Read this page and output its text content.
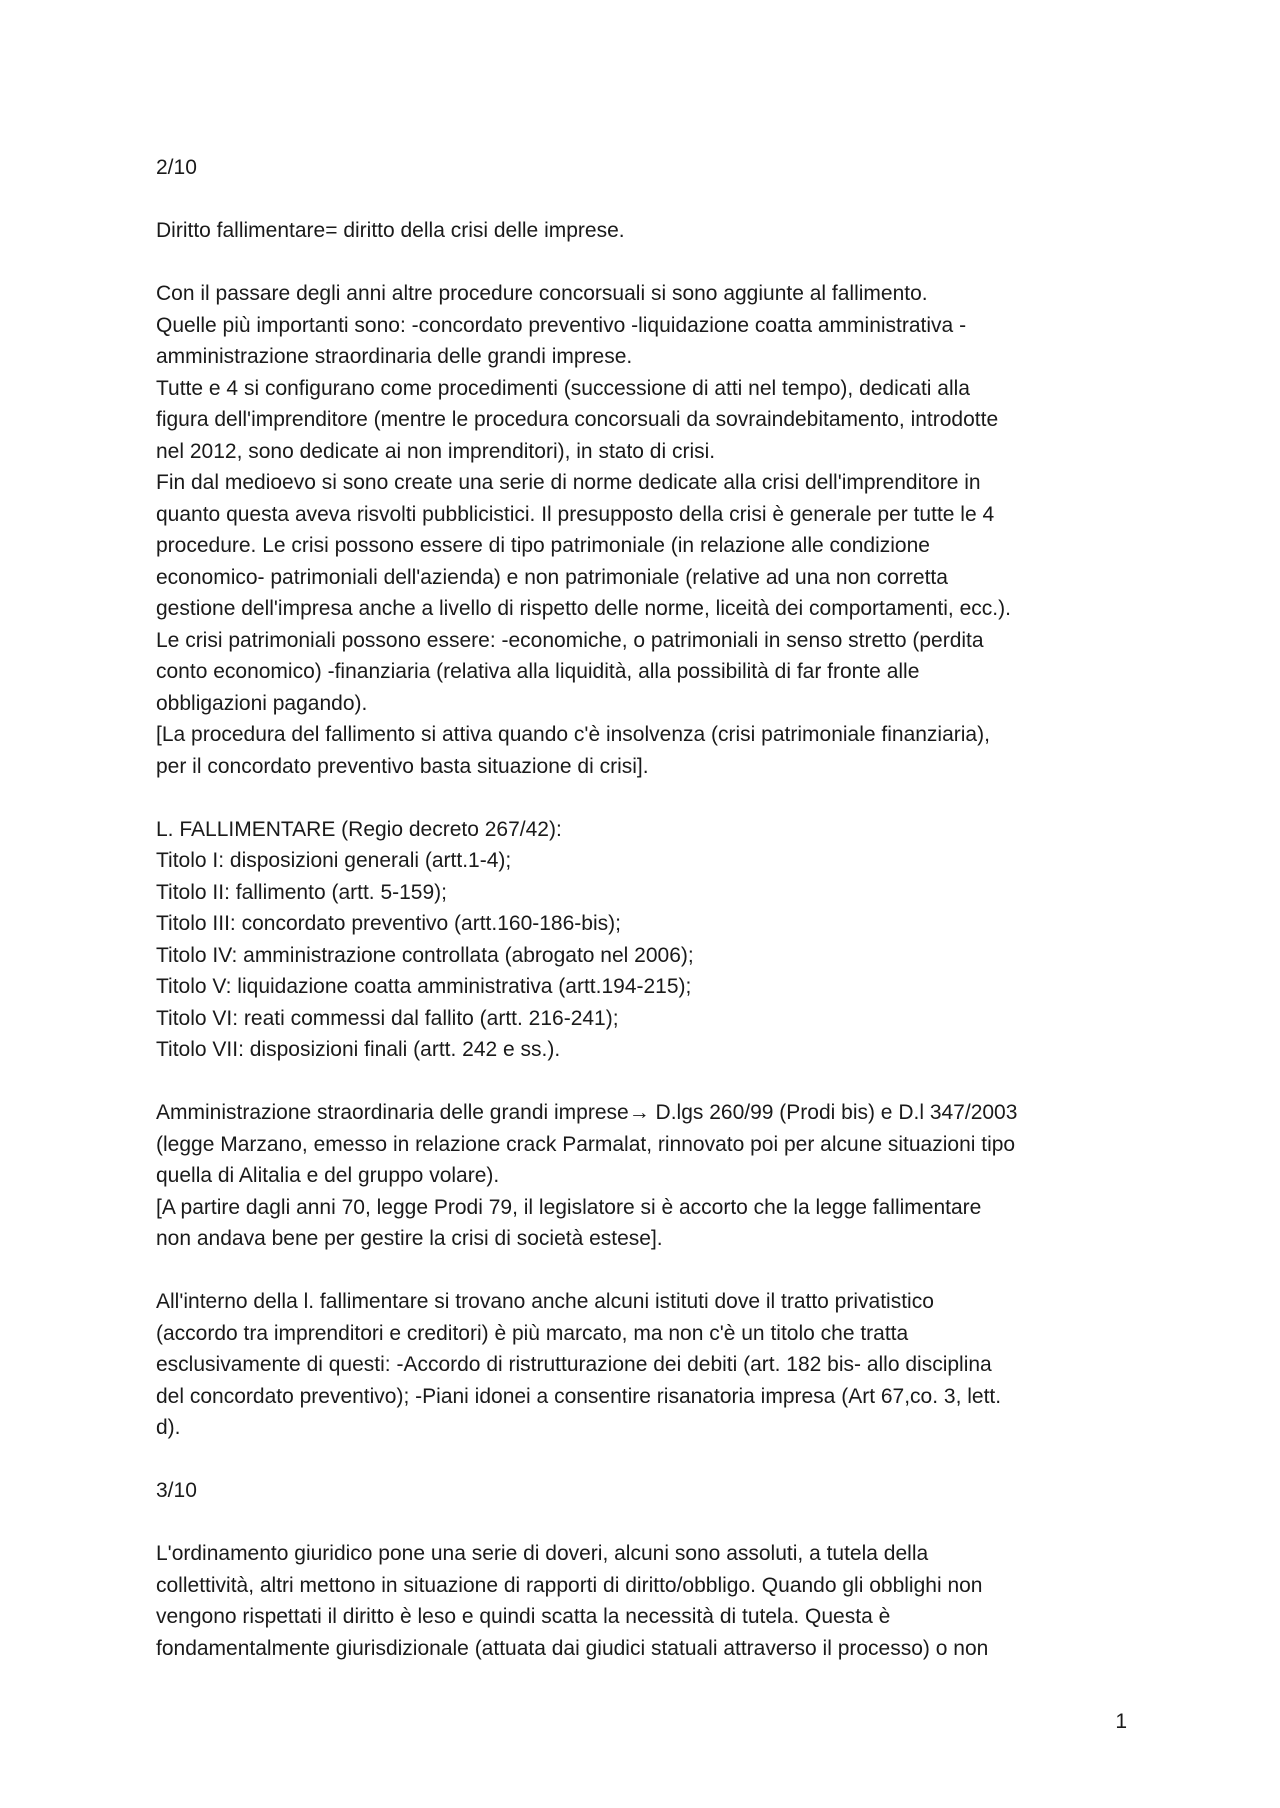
2/10
Diritto fallimentare= diritto della crisi delle imprese.
Con il passare degli anni altre procedure concorsuali si sono aggiunte al fallimento.
Quelle più importanti sono: -concordato preventivo -liquidazione coatta amministrativa -
amministrazione straordinaria delle grandi imprese.
Tutte e 4 si configurano come procedimenti (successione di atti nel tempo), dedicati alla
figura dell'imprenditore (mentre le procedura concorsuali da sovraindebitamento, introdotte
nel 2012, sono dedicate ai non imprenditori), in stato di crisi.
Fin dal medioevo si sono create una serie di norme dedicate alla crisi dell'imprenditore in
quanto questa aveva risvolti pubblicistici. Il presupposto della crisi è generale per tutte le 4
procedure. Le crisi possono essere di tipo patrimoniale (in relazione alle condizione
economico- patrimoniali dell'azienda) e non patrimoniale (relative ad una non corretta
gestione dell'impresa anche a livello di rispetto delle norme, liceità dei comportamenti, ecc.).
Le crisi patrimoniali possono essere: -economiche, o patrimoniali in senso stretto (perdita
conto economico) -finanziaria (relativa alla liquidità, alla possibilità di far fronte alle
obbligazioni pagando).
[La procedura del fallimento si attiva quando c'è insolvenza (crisi patrimoniale finanziaria),
per il concordato preventivo basta situazione di crisi].
L. FALLIMENTARE (Regio decreto 267/42):
Titolo I: disposizioni generali (artt.1-4);
Titolo II: fallimento (artt. 5-159);
Titolo III: concordato preventivo (artt.160-186-bis);
Titolo IV: amministrazione controllata (abrogato nel 2006);
Titolo V: liquidazione coatta amministrativa (artt.194-215);
Titolo VI: reati commessi dal fallito (artt. 216-241);
Titolo VII: disposizioni finali (artt. 242 e ss.).
Amministrazione straordinaria delle grandi imprese→ D.lgs 260/99 (Prodi bis) e D.l 347/2003
(legge Marzano, emesso in relazione crack Parmalat, rinnovato poi per alcune situazioni tipo
quella di Alitalia e del gruppo volare).
[A partire dagli anni 70, legge Prodi 79, il legislatore si è accorto che la legge fallimentare
non andava bene per gestire la crisi di società estese].
All'interno della l. fallimentare si trovano anche alcuni istituti dove il tratto privatistico
(accordo tra imprenditori e creditori) è più marcato, ma non c'è un titolo che tratta
esclusivamente di questi: -Accordo di ristrutturazione dei debiti (art. 182 bis- allo disciplina
del concordato preventivo); -Piani idonei a consentire risanatoria impresa (Art 67,co. 3, lett.
d).
3/10
L'ordinamento giuridico pone una serie di doveri, alcuni sono assoluti, a tutela della
collettività, altri mettono in situazione di rapporti di diritto/obbligo. Quando gli obblighi non
vengono rispettati il diritto è leso e quindi scatta la necessità di tutela. Questa è
fondamentalmente giurisdizionale (attuata dai giudici statuali attraverso il processo) o non
1
